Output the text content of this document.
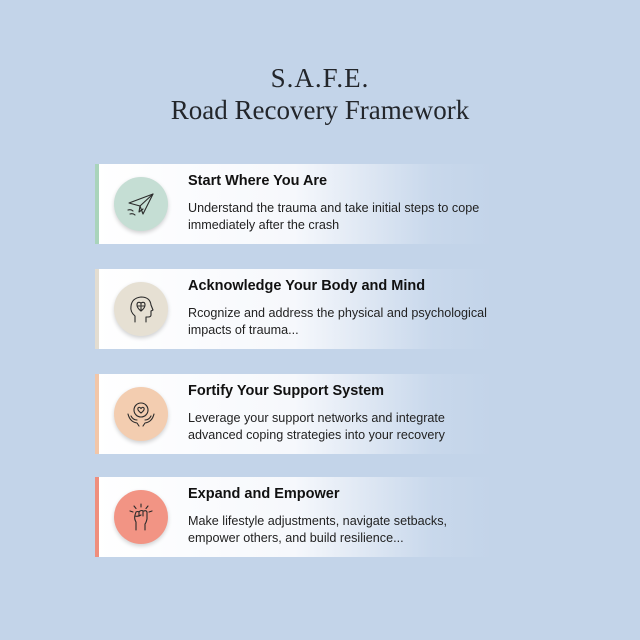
S.A.F.E.
Road Recovery Framework
Start Where You Are
Understand the trauma and take initial steps to cope immediately after the crash
Acknowledge Your Body and Mind
Rcognize and address the physical and psychological impacts of trauma...
Fortify Your Support System
Leverage your support networks and integrate advanced coping strategies into your recovery
Expand and Empower
Make lifestyle adjustments, navigate setbacks, empower others, and build resilience...
